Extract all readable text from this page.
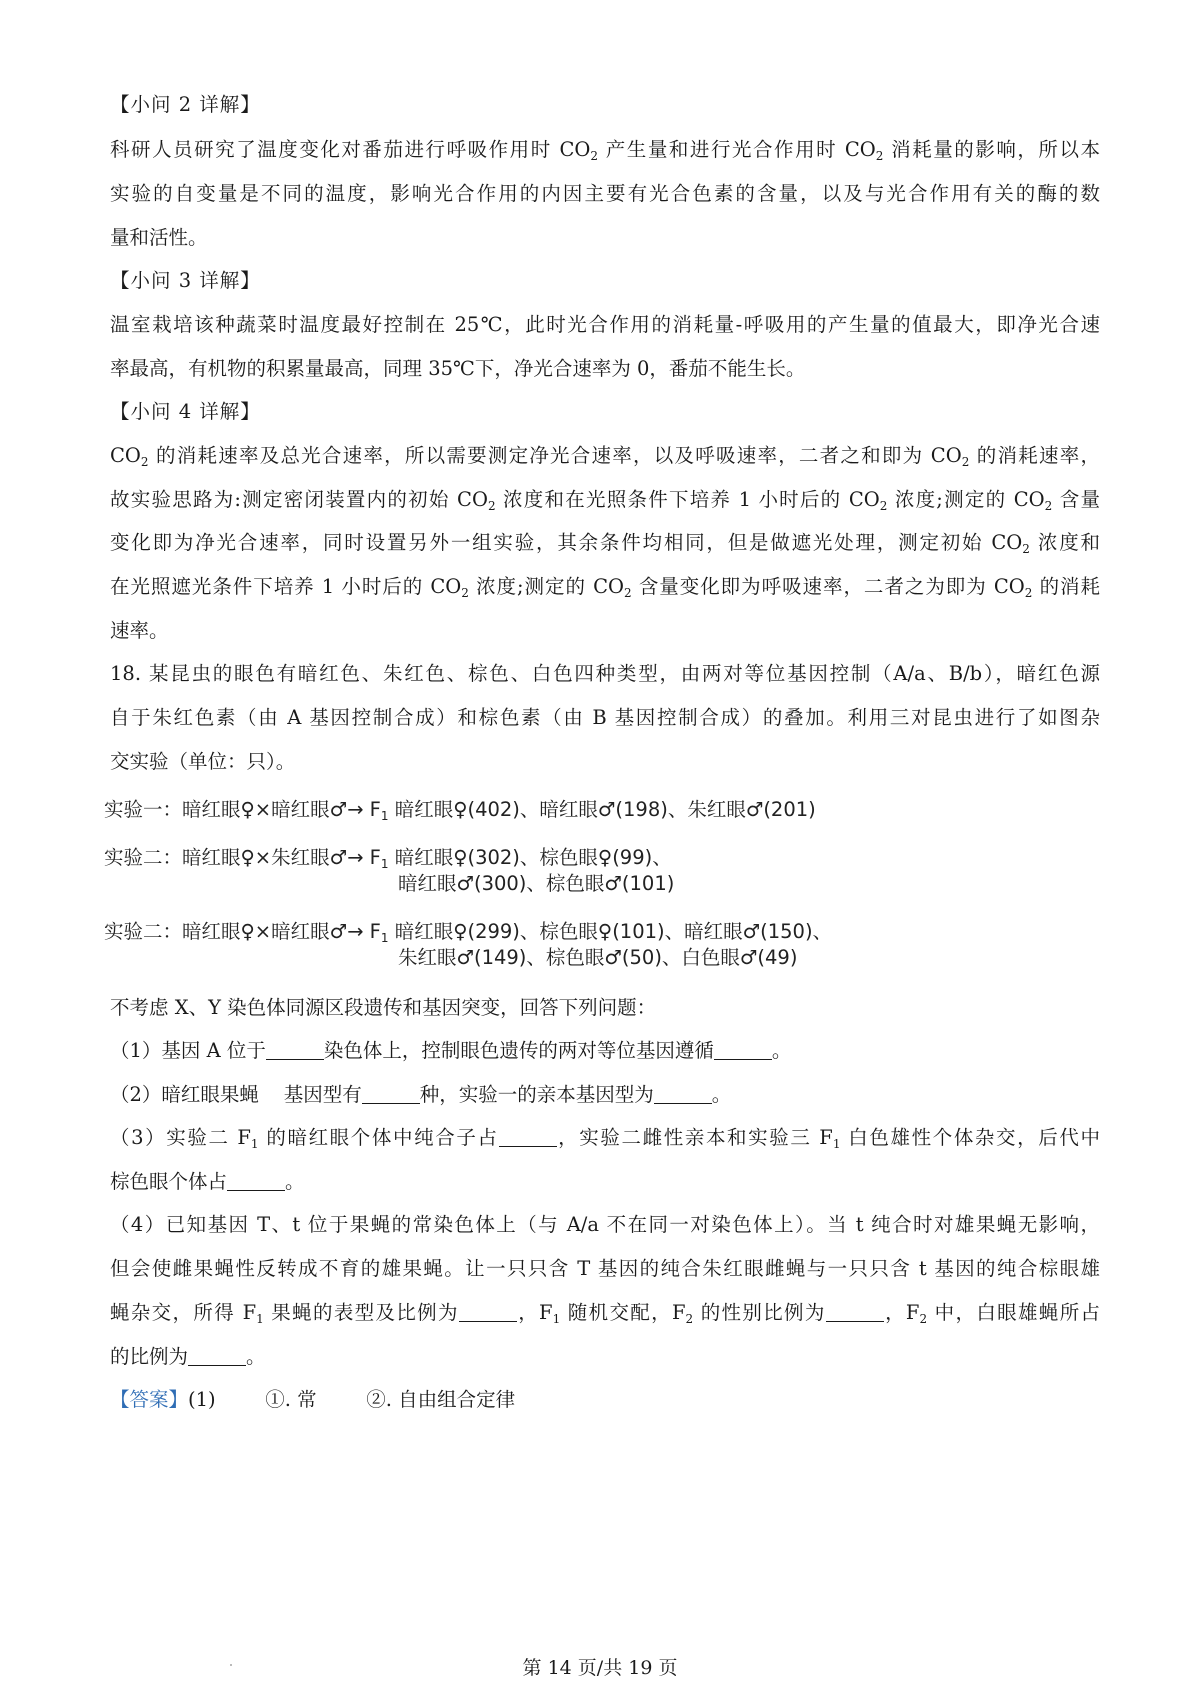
【小问 2 详解】
科研人员研究了温度变化对番茄进行呼吸作用时 $CO_2$ 产生量和进行光合作用时 $CO_2$ 消耗量的影响，所以本
实验的自变量是不同的温度，影响光合作用的内因主要有光合色素的含量，以及与光合作用有关的酶的数
量和活性。
【小问 3 详解】
温室栽培该种蔬菜时温度最好控制在 25℃，此时光合作用的消耗量-呼吸用的产生量的值最大，即净光合速
率最高，有机物的积累量最高，同理 35℃下，净光合速率为 0，番茄不能生长。
【小问 4 详解】
$CO_2$ 的消耗速率及总光合速率，所以需要测定净光合速率，以及呼吸速率，二者之和即为 $CO_2$ 的消耗速率，
故实验思路为:测定密闭装置内的初始 $CO_2$ 浓度和在光照条件下培养 1 小时后的 $CO_2$ 浓度;测定的 $CO_2$ 含量
变化即为净光合速率，同时设置另外一组实验，其余条件均相同，但是做遮光处理，测定初始 $CO_2$ 浓度和
在光照遮光条件下培养 1 小时后的 $CO_2$ 浓度;测定的 $CO_2$ 含量变化即为呼吸速率，二者之为即为 $CO_2$ 的消耗
速率。
18. 某昆虫的眼色有暗红色、朱红色、棕色、白色四种类型，由两对等位基因控制（A/a、B/b），暗红色源
自于朱红色素（由 A 基因控制合成）和棕色素（由 B 基因控制合成）的叠加。利用三对昆虫进行了如图杂
交实验（单位：只）。
实验一：暗红眼♀×暗红眼♂→ $F_1$ 暗红眼♀(402)、暗红眼♂(198)、朱红眼♂(201)
实验二：暗红眼♀×朱红眼♂→ $F_1$ 暗红眼♀(302)、棕色眼♀(99)、
暗红眼♂(300)、棕色眼♂(101)
实验二：暗红眼♀×暗红眼♂→ $F_1$ 暗红眼♀(299)、棕色眼♀(101)、暗红眼♂(150)、
朱红眼♂(149)、棕色眼♂(50)、白色眼♂(49)
不考虑 X、Y 染色体同源区段遗传和基因突变，回答下列问题：
（1）基因 A 位于	染色体上，控制眼色遗传的两对等位基因遵循	。
（2）暗红眼果蝇    基因型有	种，实验一的亲本基因型为	。
（3）实验二 $F_1$ 的暗红眼个体中纯合子占	，实验二雌性亲本和实验三 $F_1$ 白色雄性个体杂交，后代中
棕色眼个体占	。
（4）已知基因 T、t 位于果蝇的常染色体上（与 A/a 不在同一对染色体上）。当 t 纯合时对雄果蝇无影响，
但会使雌果蝇性反转成不育的雄果蝇。让一只只含 T 基因的纯合朱红眼雌蝇与一只只含 t 基因的纯合棕眼雄
蝇杂交，所得 $F_1$ 果蝇的表型及比例为	，$F_1$ 随机交配，$F_2$ 的性别比例为	，$F_2$ 中，白眼雄蝇所占
的比例为	。
【答案】(1)        ①. 常        ②. 自由组合定律
第 14 页/共 19 页
